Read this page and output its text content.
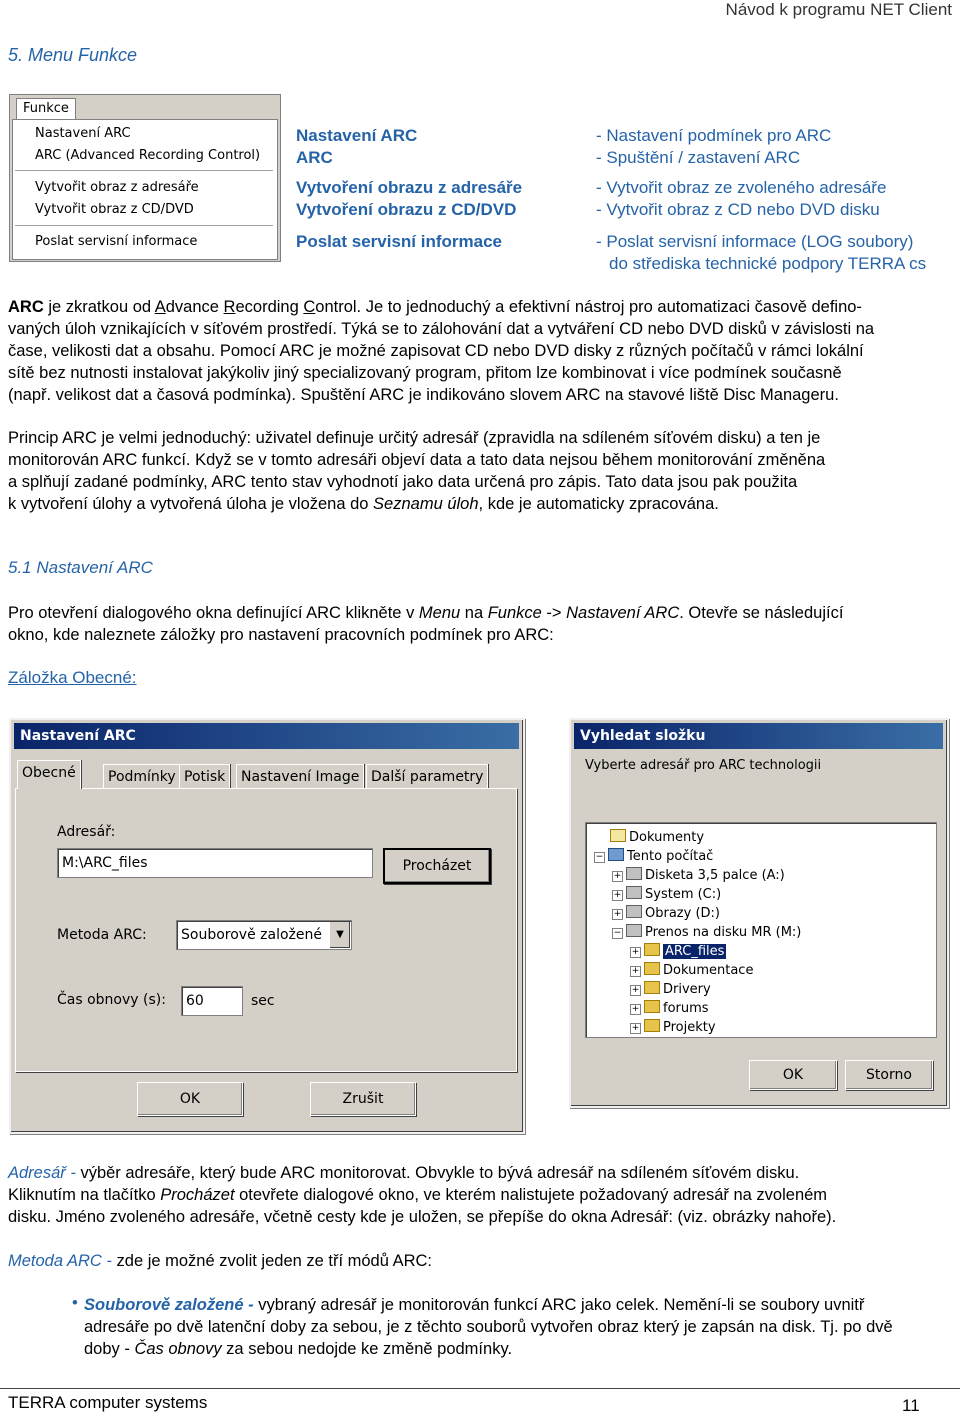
Návod k programu NET Client
5. Menu Funkce
Funkce
Nastavení ARC
ARC (Advanced Recording Control)
Vytvořit obraz z adresáře
Vytvořit obraz z CD/DVD
Poslat servisní informace
Nastavení ARC	- Nastavení podmínek pro ARC
ARC	- Spuštění / zastavení ARC
Vytvoření obrazu z adresáře	- Vytvořit obraz ze zvoleného adresáře
Vytvoření obrazu z CD/DVD	- Vytvořit obraz z CD nebo DVD disku
Poslat servisní informace	- Poslat servisní informace (LOG soubory)
do střediska technické podpory TERRA cs
ARC je zkratkou od Advance Recording Control. Je to jednoduchý a efektivní nástroj pro automatizaci časově defino-
vaných úloh vznikajících v síťovém prostředí. Týká se to zálohování dat a vytváření CD nebo DVD disků v závislosti na
čase, velikosti dat a obsahu. Pomocí ARC je možné zapisovat CD nebo DVD disky z různých počítačů v rámci lokální
sítě bez nutnosti instalovat jakýkoliv jiný specializovaný program, přitom lze kombinovat i více podmínek současně
(např. velikost dat a časová podmínka). Spuštění ARC je indikováno slovem ARC na stavové liště Disc Manageru.
Princip ARC je velmi jednoduchý: uživatel definuje určitý adresář (zpravidla na sdíleném síťovém disku) a ten je
monitorován ARC funkcí. Když se v tomto adresáři objeví data a tato data nejsou během monitorování změněna
a splňují zadané podmínky, ARC tento stav vyhodnotí jako data určená pro zápis. Tato data jsou pak použita
k vytvoření úlohy a vytvořená úloha je vložena do Seznamu úloh, kde je automaticky zpracována.
5.1 Nastavení ARC
Pro otevření dialogového okna definující ARC klikněte v Menu na Funkce -> Nastavení ARC. Otevře se následující
okno, kde naleznete záložky pro nastavení pracovních podmínek pro ARC:
Záložka Obecné:
Nastavení ARC
Obecné	Podmínky Potisk	Nastavení Image Další parametry
Adresář:
M:\ARC_files	Procházet
Metoda ARC:	Souborově založené	▼
Čas obnovy (s):	60	sec
OK	Zrušit
Vyhledat složku
Vyberte adresář pro ARC technologii
Dokumenty
− Tento počítač
+ Disketa 3,5 palce (A:)
+ System (C:)
+ Obrazy (D:)
− Prenos na disku MR (M:)
+ ARC_files
+ Dokumentace
+ Drivery
+ forums
+ Projekty
OK	Storno
Adresář - výběr adresáře, který bude ARC monitorovat. Obvykle to bývá adresář na sdíleném síťovém disku.
Kliknutím na tlačítko Procházet otevřete dialogové okno, ve kterém nalistujete požadovaný adresář na zvoleném
disku. Jméno zvoleného adresáře, včetně cesty kde je uložen, se přepíše do okna Adresář: (viz. obrázky nahoře).
Metoda ARC - zde je možné zvolit jeden ze tří módů ARC:
• Souborově založené - vybraný adresář je monitorován funkcí ARC jako celek. Nemění-li se soubory uvnitř
adresáře po dvě latenční doby za sebou, je z těchto souborů vytvořen obraz který je zapsán na disk. Tj. po dvě
doby - Čas obnovy za sebou nedojde ke změně podmínky.
TERRA computer systems	11
